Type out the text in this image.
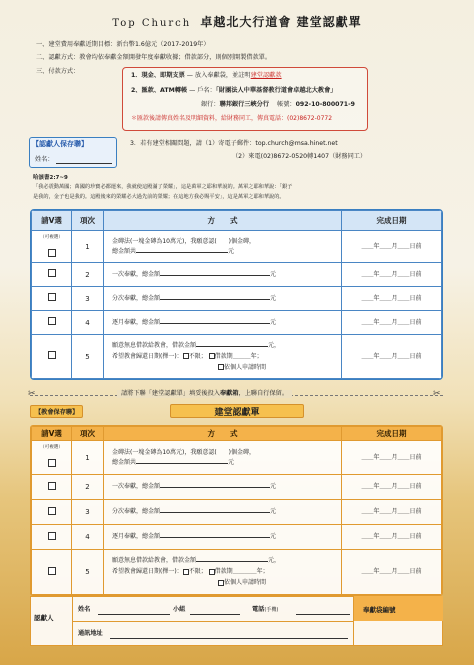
Top Church 卓越北大行道會 建堂認獻單
一、建堂費用奉獻近期目標：新台幣1.6億元（2017-2019年）
二、認獻方式：教會均依奉獻金額開發年度奉獻收據；借款部分，則個別開製借款單。
三、付款方式：
1．現金、即期支票 — 放入奉獻袋，並註明建堂認獻款
2、匯款、ATM轉帳 — 戶名：「財團法人中華基督教行道會卓越北大教會」
銀行：聯邦銀行三峽分行 帳號：092-10-800071-9
＊匯款後請傳真姓名及明細資料，給財務同工，傳真電話：(02)8672-0772
【認獻人保存聯】
姓名：
3．若有建堂相關問題，請（1）寄電子郵件：top.church@msa.hinet.net
（2）來電(02)8672-0520轉1407（財務同工）
哈該書2:7~9
「我必震動萬國；萬國的珍寶必都運來，我就使這殿滿了榮耀」，這是萬軍之耶和華說的。萬軍之耶和華說：「銀子
是我的，金子也是我的。這殿後來的榮耀必大過先前的榮耀；在這地方我必賜平安」，這是萬軍之耶和華說的。
請V選	項次	方　　式	完成日期

（可複選）	1	金磚法(一塊金磚為10萬元)，我願意認(　　)個金磚，
總金額共 元	＿＿年＿＿月＿＿日前
	2	一次奉獻，總金額 元	＿＿年＿＿月＿＿日前
	3	分次奉獻，總金額 元	＿＿年＿＿月＿＿日前
	4	逐月奉獻，總金額 元	＿＿年＿＿月＿＿日前
	5	願意無息借款給教會，借款金額 元，
希望教會歸還日期(擇一)： 不限； 借款期＿＿＿年；
依個人申請時間	＿＿年＿＿月＿＿日前
請將下聯「建堂認獻單」填妥後投入奉獻箱，上聯自行保留。
✂	✂
【教會保存聯】	建堂認獻單
請V選	項次	方　　式	完成日期

（可複選）	1	金磚法(一塊金磚為10萬元)，我願意認(　　)個金磚，
總金額共 元	＿＿年＿＿月＿＿日前
	2	一次奉獻，總金額 元	＿＿年＿＿月＿＿日前
	3	分次奉獻，總金額 元	＿＿年＿＿月＿＿日前
	4	逐月奉獻，總金額 元	＿＿年＿＿月＿＿日前
	5	願意無息借款給教會，借款金額 元，
希望教會歸還日期(擇一)： 不限； 借款期＿＿＿＿年；
依個人申請時間	＿＿年＿＿月＿＿日前
認獻人
姓名	小組	電話(手機)	奉獻袋編號
通訊地址
